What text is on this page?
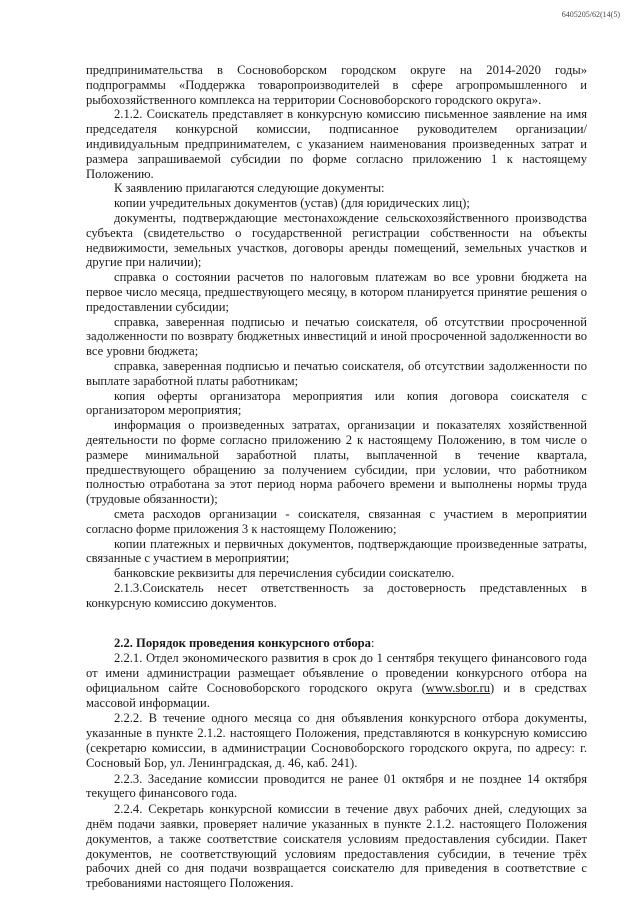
6405205/62(14(5)

предпринимательства в Сосновоборском городском округе на 2014-2020 годы» подпрограммы «Поддержка товаропроизводителей в сфере агропромышленного и рыбохозяйственного комплекса на территории Сосновоборского городского округа».

2.1.2. Соискатель представляет в конкурсную комиссию письменное заявление на имя председателя конкурсной комиссии, подписанное руководителем организации/ индивидуальным предпринимателем, с указанием наименования произведенных затрат и размера запрашиваемой субсидии по форме согласно приложению 1 к настоящему Положению.

К заявлению прилагаются следующие документы:

копии учредительных документов (устав) (для юридических лиц);

документы, подтверждающие местонахождение сельскохозяйственного производства субъекта (свидетельство о государственной регистрации собственности на объекты недвижимости, земельных участков, договоры аренды помещений, земельных участков и другие при наличии);

справка о состоянии расчетов по налоговым платежам во все уровни бюджета на первое число месяца, предшествующего месяцу, в котором планируется принятие решения о предоставлении субсидии;

справка, заверенная подписью и печатью соискателя, об отсутствии просроченной задолженности по возврату бюджетных инвестиций и иной просроченной задолженности во все уровни бюджета;

справка, заверенная подписью и печатью соискателя, об отсутствии задолженности по выплате заработной платы работникам;

копия оферты организатора мероприятия или копия договора соискателя с организатором мероприятия;

информация о произведенных затратах, организации и показателях хозяйственной деятельности по форме согласно приложению 2 к настоящему Положению, в том числе о размере минимальной заработной платы, выплаченной в течение квартала, предшествующего обращению за получением субсидии, при условии, что работником полностью отработана за этот период норма рабочего времени и выполнены нормы труда (трудовые обязанности);

смета расходов организации - соискателя, связанная с участием в мероприятии согласно форме приложения 3 к настоящему Положению;

копии платежных и первичных документов, подтверждающие произведенные затраты, связанные с участием в мероприятии;

банковские реквизиты для перечисления субсидии соискателю.

2.1.3.Соискатель несет ответственность за достоверность представленных в конкурсную комиссию документов.

2.2. Порядок проведения конкурсного отбора:

2.2.1. Отдел экономического развития в срок до 1 сентября текущего финансового года от имени администрации размещает объявление о проведении конкурсного отбора на официальном сайте Сосновоборского городского округа (www.sbor.ru) и в средствах массовой информации.

2.2.2. В течение одного месяца со дня объявления конкурсного отбора документы, указанные в пункте 2.1.2. настоящего Положения, представляются в конкурсную комиссию (секретарю комиссии, в администрации Сосновоборского городского округа, по адресу: г. Сосновый Бор, ул. Ленинградская, д. 46, каб. 241).

2.2.3. Заседание комиссии проводится не ранее 01 октября и не позднее 14 октября текущего финансового года.

2.2.4. Секретарь конкурсной комиссии в течение двух рабочих дней, следующих за днём подачи заявки, проверяет наличие указанных в пункте 2.1.2. настоящего Положения документов, а также соответствие соискателя условиям предоставления субсидии. Пакет документов, не соответствующий условиям предоставления субсидии, в течение трёх рабочих дней со дня подачи возвращается соискателю для приведения в соответствие с требованиями настоящего Положения.
